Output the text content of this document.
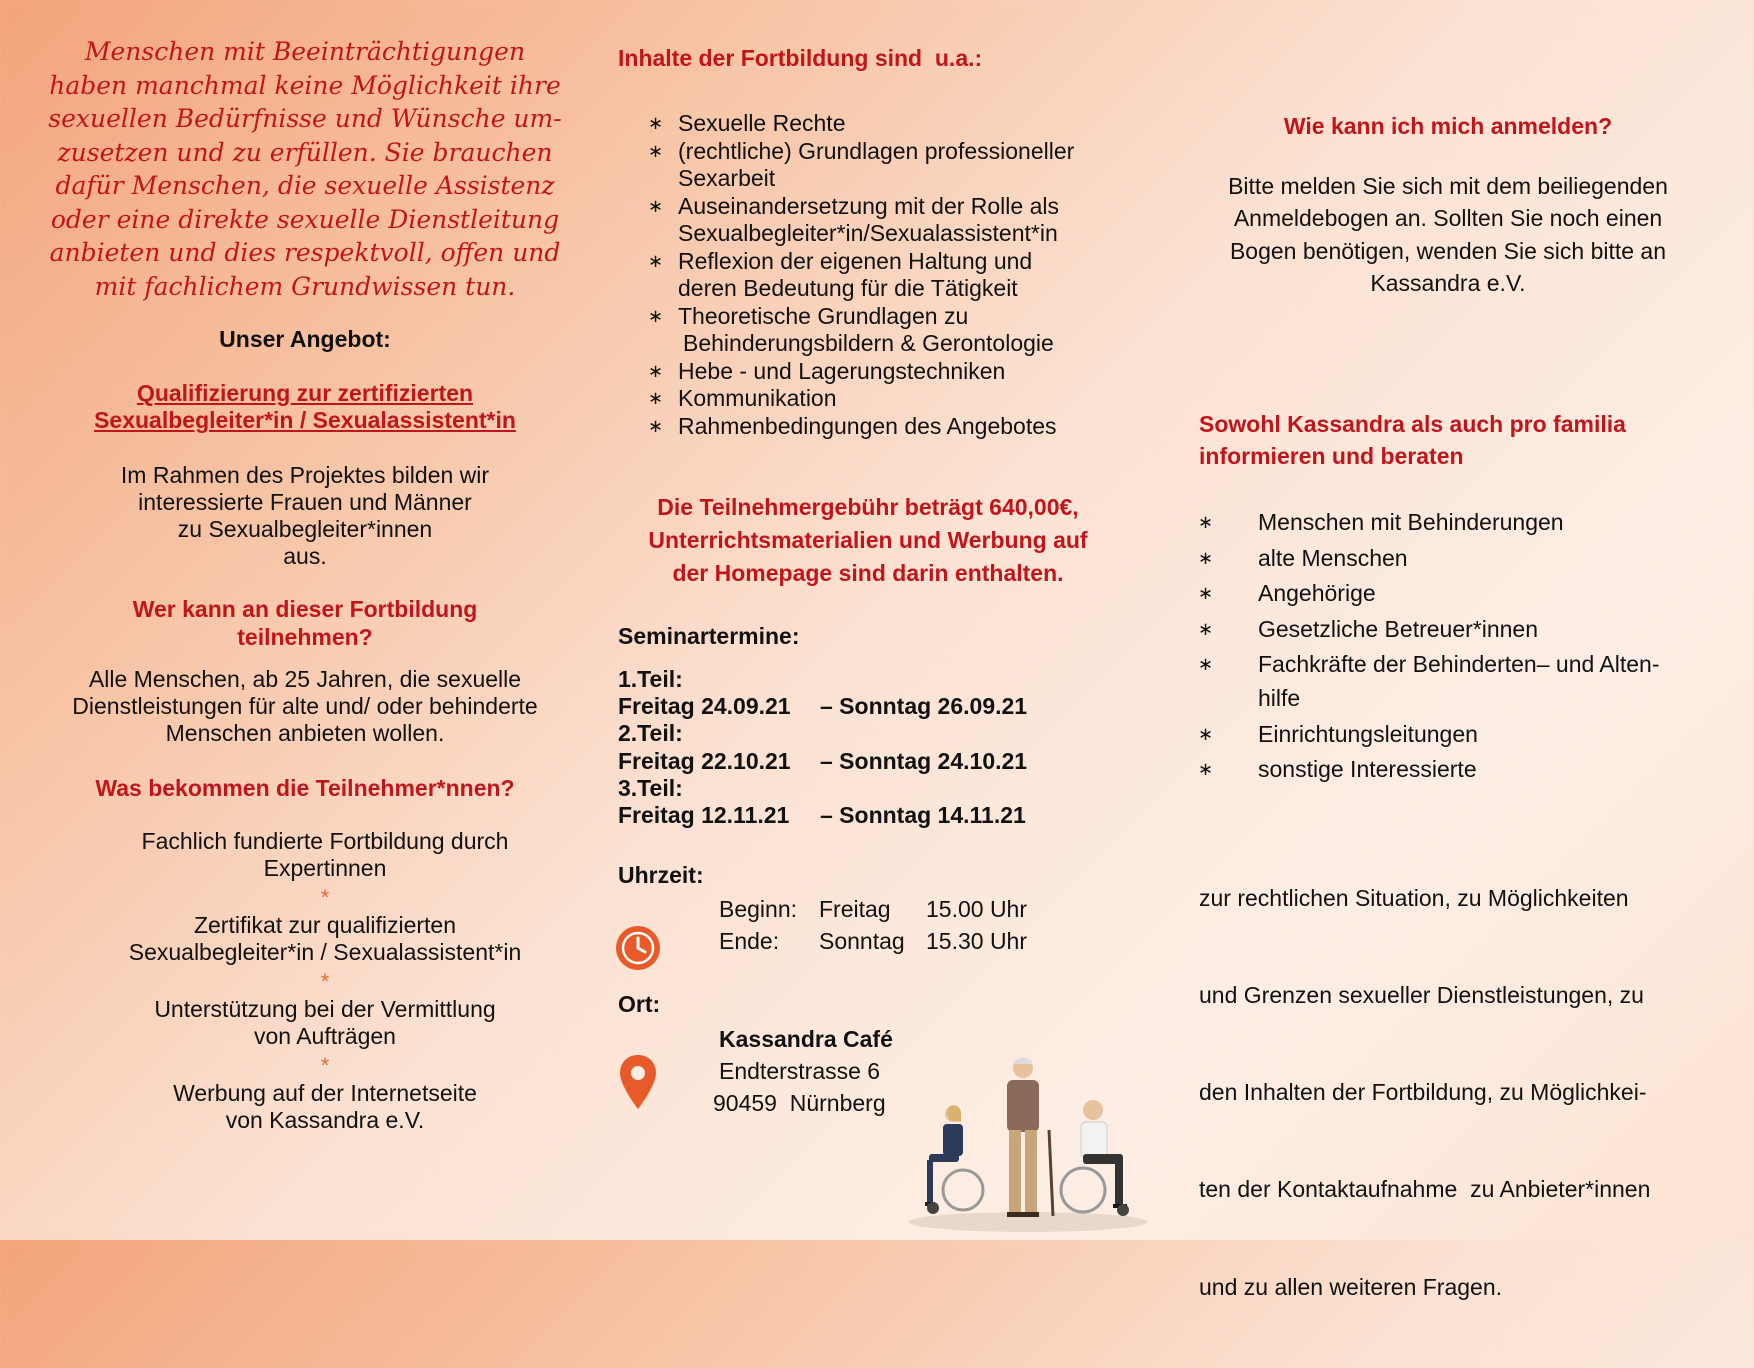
Menschen mit Beeinträchtigungen
haben manchmal keine Möglichkeit ihre
sexuellen Bedürfnisse und Wünsche um-
zusetzen und zu erfüllen. Sie brauchen
dafür Menschen, die sexuelle Assistenz
oder eine direkte sexuelle Dienstleitung
anbieten und dies respektvoll, offen und
mit fachlichem Grundwissen tun.
Unser Angebot:
Qualifizierung zur zertifizierten
Sexualbegleiter*in / Sexualassistent*in
Im Rahmen des Projektes bilden wir
interessierte Frauen und Männer
zu Sexualbegleiter*innen
aus.
Wer kann an dieser Fortbildung
teilnehmen?
Alle Menschen, ab 25 Jahren, die sexuelle
Dienstleistungen für alte und/ oder behinderte
Menschen anbieten wollen.
Was bekommen die Teilnehmer*nnen?
Fachlich fundierte Fortbildung durch
Expertinnen
*
Zertifikat zur qualifizierten
Sexualbegleiter*in / Sexualassistent*in
*
Unterstützung bei der Vermittlung
von Aufträgen
*
Werbung auf der Internetseite
von Kassandra e.V.
Inhalte der Fortbildung sind  u.a.:
∗ Sexuelle Rechte
∗ (rechtliche) Grundlagen professioneller
Sexarbeit
∗ Auseinandersetzung mit der Rolle als
Sexualbegleiter*in/Sexualassistent*in
∗ Reflexion der eigenen Haltung und
deren Bedeutung für die Tätigkeit
∗ Theoretische Grundlagen zu
Behinderungsbildern & Gerontologie
∗ Hebe - und Lagerungstechniken
∗ Kommunikation
∗ Rahmenbedingungen des Angebotes
Die Teilnehmergebühr beträgt 640,00€,
Unterrichtsmaterialien und Werbung auf
der Homepage sind darin enthalten.
Seminartermine:
1.Teil:
Freitag 24.09.21 – Sonntag 26.09.21
2.Teil:
Freitag 22.10.21 – Sonntag 24.10.21
3.Teil:
Freitag 12.11.21 – Sonntag 14.11.21
Uhrzeit:
Beginn: Freitag 15.00 Uhr
Ende: Sonntag 15.30 Uhr
Ort:
Kassandra Café
Endterstrasse 6
90459  Nürnberg
Wie kann ich mich anmelden?
Bitte melden Sie sich mit dem beiliegenden
Anmeldebogen an. Sollten Sie noch einen
Bogen benötigen, wenden Sie sich bitte an
Kassandra e.V.
Sowohl Kassandra als auch pro familia
informieren und beraten
∗	Menschen mit Behinderungen
∗	alte Menschen
∗	Angehörige
∗	Gesetzliche Betreuer*innen
∗	Fachkräfte der Behinderten– und Alten-
hilfe
∗	Einrichtungsleitungen
∗	sonstige Interessierte

zur rechtlichen Situation, zu Möglichkeiten

und Grenzen sexueller Dienstleistungen, zu

den Inhalten der Fortbildung, zu Möglichkei-

ten der Kontaktaufnahme  zu Anbieter*innen

und zu allen weiteren Fragen.
